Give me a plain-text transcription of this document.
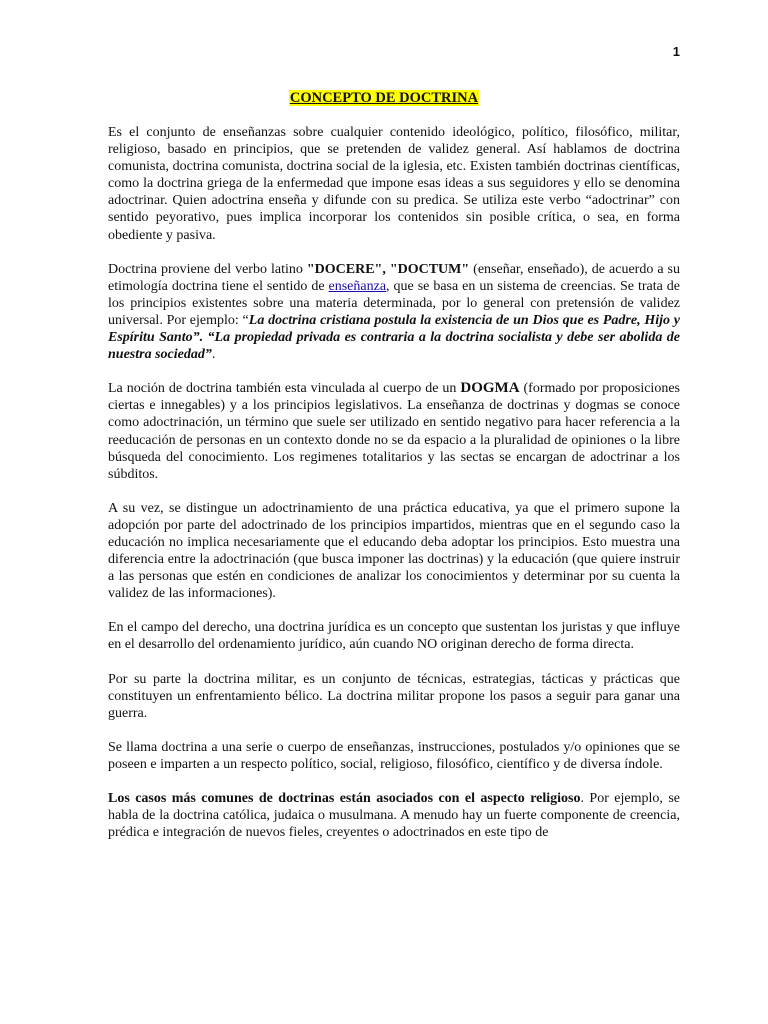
1
CONCEPTO DE DOCTRINA

Es el conjunto de enseñanzas sobre cualquier contenido ideológico, político, filosófico, militar, religioso, basado en principios, que se pretenden de validez general. Así hablamos de doctrina comunista, doctrina comunista, doctrina social de la iglesia, etc. Existen también doctrinas científicas, como la doctrina griega de la enfermedad que impone esas ideas a sus seguidores y ello se denomina adoctrinar. Quien adoctrina enseña y difunde con su predica. Se utiliza este verbo “adoctrinar” con sentido peyorativo, pues implica incorporar los contenidos sin posible crítica, o sea, en forma obediente y pasiva.

Doctrina proviene del verbo latino "DOCERE", "DOCTUM" (enseñar, enseñado), de acuerdo a su etimología doctrina tiene el sentido de enseñanza, que se basa en un sistema de creencias. Se trata de los principios existentes sobre una materia determinada, por lo general con pretensión de validez universal. Por ejemplo: “La doctrina cristiana postula la existencia de un Dios que es Padre, Hijo y Espíritu Santo”. “La propiedad privada es contraria a la doctrina socialista y debe ser abolida de nuestra sociedad”.

La noción de doctrina también esta vinculada al cuerpo de un DOGMA (formado por proposiciones ciertas e innegables) y a los principios legislativos. La enseñanza de doctrinas y dogmas se conoce como adoctrinación, un término que suele ser utilizado en sentido negativo para hacer referencia a la reeducación de personas en un contexto donde no se da espacio a la pluralidad de opiniones o la libre búsqueda del conocimiento. Los regimenes totalitarios y las sectas se encargan de adoctrinar a los súbditos.

A su vez, se distingue un adoctrinamiento de una práctica educativa, ya que el primero supone la adopción por parte del adoctrinado de los principios impartidos, mientras que en el segundo caso la educación no implica necesariamente que el educando deba adoptar los principios. Esto muestra una diferencia entre la adoctrinación (que busca imponer las doctrinas) y la educación (que quiere instruir a las personas que estén en condiciones de analizar los conocimientos y determinar por su cuenta la validez de las informaciones).

En el campo del derecho, una doctrina jurídica es un concepto que sustentan los juristas y que influye en el desarrollo del ordenamiento jurídico, aún cuando NO originan derecho de forma directa.

Por su parte la doctrina militar, es un conjunto de técnicas, estrategias, tácticas y prácticas que constituyen un enfrentamiento bélico. La doctrina militar propone los pasos a seguir para ganar una guerra.

Se llama doctrina a una serie o cuerpo de enseñanzas, instrucciones, postulados y/o opiniones que se poseen e imparten a un respecto político, social, religioso, filosófico, científico y de diversa índole.

Los casos más comunes de doctrinas están asociados con el aspecto religioso. Por ejemplo, se habla de la doctrina católica, judaica o musulmana. A menudo hay un fuerte componente de creencia, prédica e integración de nuevos fieles, creyentes o adoctrinados en este tipo de
